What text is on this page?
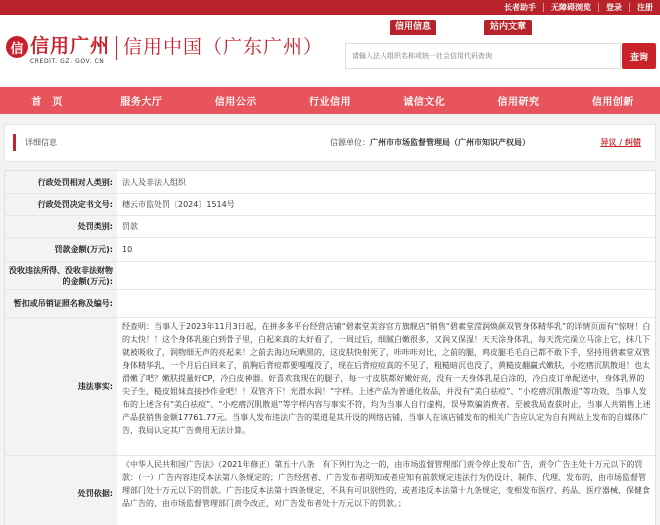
长者助手	无障碍浏览	登录	注册
信 信用广州
CREDIT. GZ. GOV. CN
信用中国（广东广州）
信用信息	站内文章
请输入法人组织名称或统一社会信用代码查询
查询
首　页	服务大厅	信用公示	行业信用	诚信文化	信用研究	信用创新
详细信息	信源单位：广州市市场监督管理局（广州市知识产权局）	异议 / 纠错
行政处罚相对人类别:	法人及非法人组织
行政处罚决定书文号:	穗云市监处罚〔2024〕1514号
处罚类别:	罚款
罚款金额(万元):	10
没收违法所得、没收非法财物的金额(万元):
暂扣或吊销证照名称及编号:
违法事实:
经查明：当事人于2023年11月3日起，在拼多多平台经营店铺“碧素堂美容官方旗舰店”销售“碧素堂滢润焕颜双管身体精华乳”的详情页面有“惊呀！白的太快！！这个身体乳能白到骨子里，白起来真的太好看了，一周过后，细腻白嫩很多，又润又保湿！天天涂身体乳，每天洗完澡立马涂上它，抹几下就被吸收了，润物细无声的亮起来！之前去海边玩晒黑的，这皮肤快射死了，咔咔咔对比，之前的腿，鸡皮腿毛毛自己都不敢下手，坚持用碧素堂双管身体精华乳，一个月后白回来了，前胸后背痘都要嘎嘎没了，现在后背痘痘真的不见了，粗糙暗沉也没了，黄糙皮翻赢式嫩肤，小疙瘩沉肌散退！也太滑嫩了吧？嫩肤提量好CP，冷白皮神器。好喜欢我现在的腿子，每一寸皮肤都好嫩好亮，没有一天身体乳是白涂的，冷白皮订单配送中，身体乳界的尖子生，糙皮姐妹直接抄作业吧！！双管齐下！光滑水润！”字样。上述产品为普通化妆品，并没有“美白祛痘”、“小疙瘩沉肌散退”等功效，当事人发布的上述含有“美白祛痘”、“小疙瘩沉肌散退”等字样内容与事实不符，均为当事人自行虚构，误导欺骗消费者。至被我局查获时止，当事人共销售上述产品获销售金额17761.77元。当事人发布违法广告的渠道是其开设的网络店铺，当事人在该店铺发布的相关广告应认定为自有网站上发布的自媒体广告，我局认定其广告费用无法计算。
处罚依据:
《中华人民共和国广告法》（2021年修正）第五十八条　有下列行为之一的，由市场监督管理部门责令停止发布广告，责令广告主处十万元以下的罚款：（一）广告内容违反本法第八条规定的；广告经营者、广告发布者明知或者应知有前款规定违法行为仍设计、制作、代理、发布的，由市场监督管理部门处十万元以下的罚款。广告违反本法第十四条规定，不具有可识别性的，或者违反本法第十九条规定，变相发布医疗、药品、医疗器械、保健食品广告的，由市场监督管理部门责令改正，对广告发布者处十万元以下的罚款。；
